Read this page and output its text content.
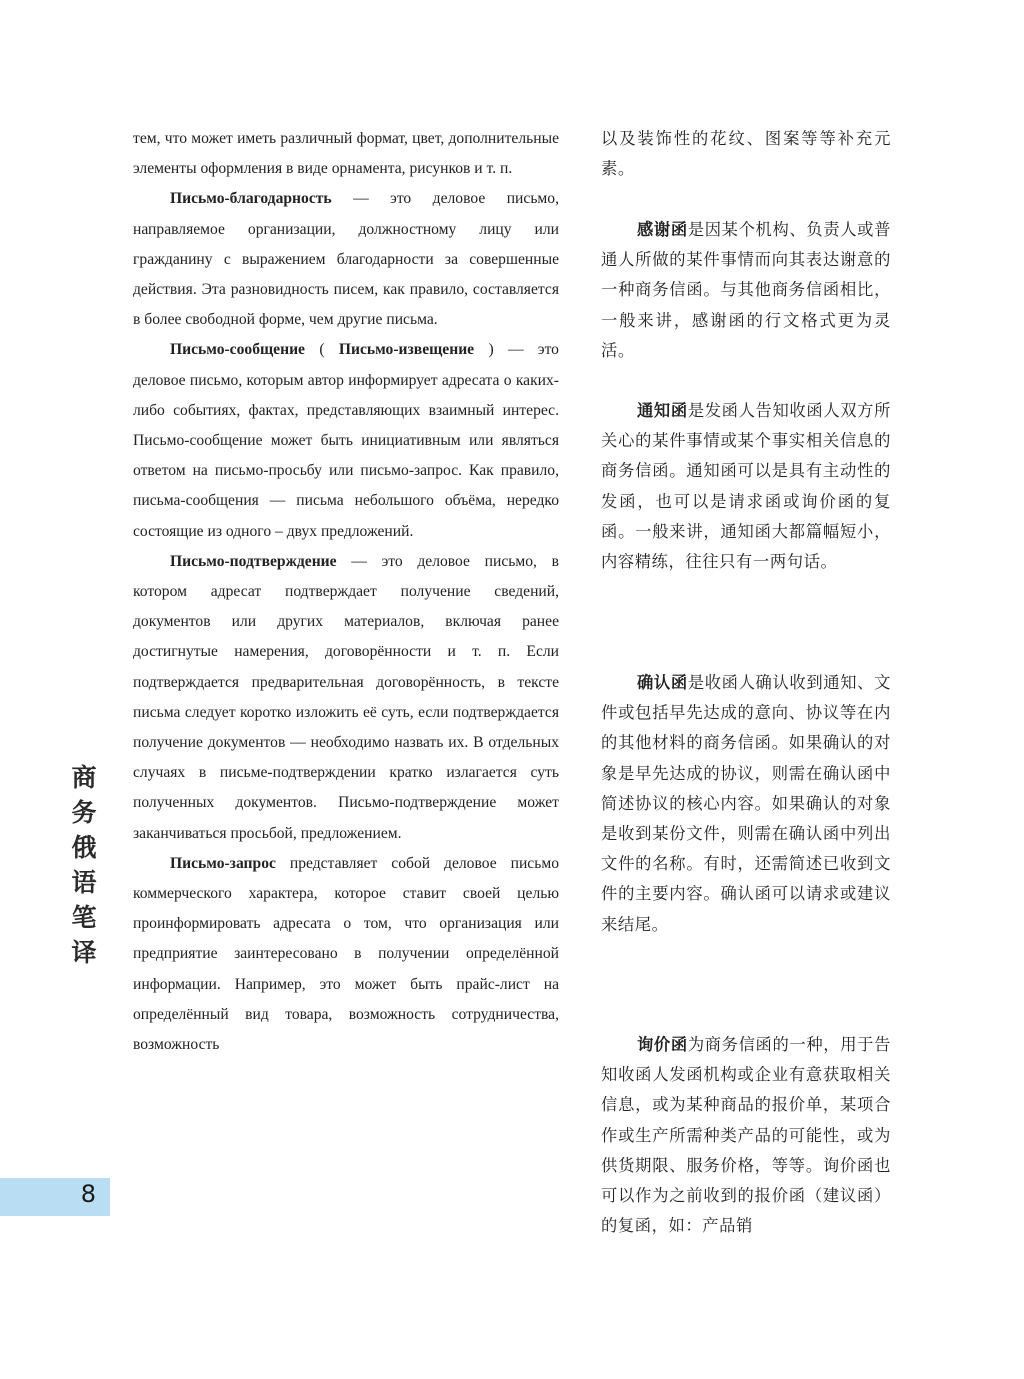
商
务
俄
语
笔
译
8

тем, что может иметь различный формат, цвет, дополнительные элементы оформления в виде орнамента, рисунков и т. п.

Письмо-благодарность — это деловое письмо, направляемое организации, должностному лицу или гражданину с выражением благодарности за совершенные действия. Эта разновидность писем, как правило, составляется в более свободной форме, чем другие письма.

Письмо-сообщение ( Письмо-извещение ) — это деловое письмо, которым автор информирует адресата о каких-либо событиях, фактах, представляющих взаимный интерес. Письмо-сообщение может быть инициативным или являться ответом на письмо-просьбу или письмо-запрос. Как правило, письма-сообщения — письма небольшого объёма, нередко состоящие из одного – двух предложений.

Письмо-подтверждение — это деловое письмо, в котором адресат подтверждает получение сведений, документов или других материалов, включая ранее достигнутые намерения, договорённости и т. п. Если подтверждается предварительная договорённость, в тексте письма следует коротко изложить её суть, если подтверждается получение документов — необходимо назвать их. В отдельных случаях в письме-подтверждении кратко излагается суть полученных документов. Письмо-подтверждение может заканчиваться просьбой, предложением.

Письмо-запрос представляет собой деловое письмо коммерческого характера, которое ставит своей целью проинформировать адресата о том, что организация или предприятие заинтересовано в получении определённой информации. Например, это может быть прайс-лист на определённый вид товара, возможность сотрудничества, возможность

以及装饰性的花纹、图案等等补充元素。

感谢函是因某个机构、负责人或普通人所做的某件事情而向其表达谢意的一种商务信函。与其他商务信函相比，一般来讲，感谢函的行文格式更为灵活。

通知函是发函人告知收函人双方所关心的某件事情或某个事实相关信息的商务信函。通知函可以是具有主动性的发函，也可以是请求函或询价函的复函。一般来讲，通知函大都篇幅短小，内容精练，往往只有一两句话。

确认函是收函人确认收到通知、文件或包括早先达成的意向、协议等在内的其他材料的商务信函。如果确认的对象是早先达成的协议，则需在确认函中简述协议的核心内容。如果确认的对象是收到某份文件，则需在确认函中列出文件的名称。有时，还需简述已收到文件的主要内容。确认函可以请求或建议来结尾。

询价函为商务信函的一种，用于告知收函人发函机构或企业有意获取相关信息，或为某种商品的报价单，某项合作或生产所需种类产品的可能性，或为供货期限、服务价格，等等。询价函也可以作为之前收到的报价函（建议函）的复函，如：产品销
